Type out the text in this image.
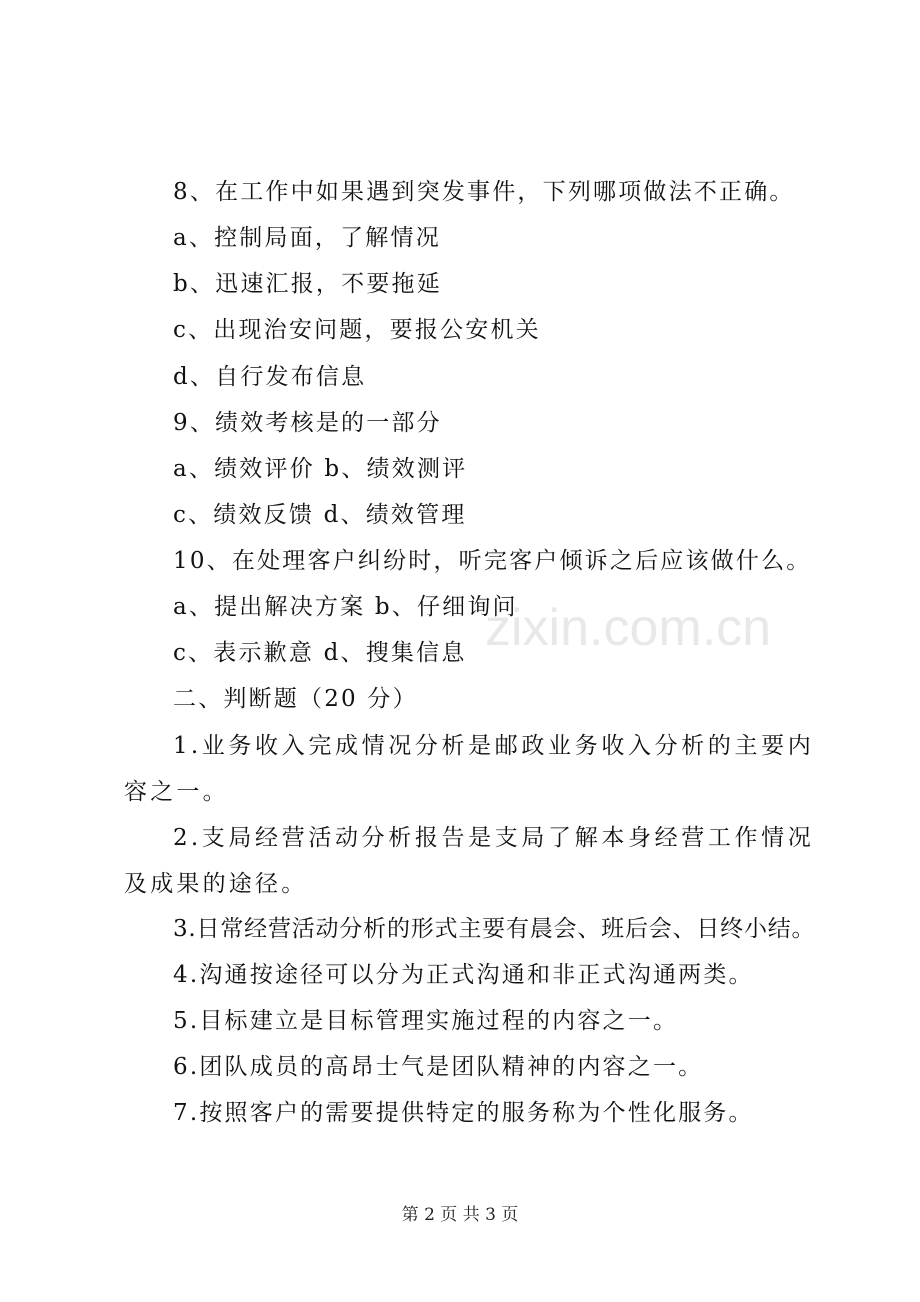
zixin.com.cn
8、在工作中如果遇到突发事件，下列哪项做法不正确。
a、控制局面，了解情况
b、迅速汇报，不要拖延
c、出现治安问题，要报公安机关
d、自行发布信息
9、绩效考核是的一部分
a、绩效评价 b、绩效测评
c、绩效反馈 d、绩效管理
10、在处理客户纠纷时，听完客户倾诉之后应该做什么。
a、提出解决方案 b、仔细询问
c、表示歉意 d、搜集信息
二、判断题（20 分）
1.业务收入完成情况分析是邮政业务收入分析的主要内容之一。
2.支局经营活动分析报告是支局了解本身经营工作情况及成果的途径。
3.日常经营活动分析的形式主要有晨会、班后会、日终小结。
4.沟通按途径可以分为正式沟通和非正式沟通两类。
5.目标建立是目标管理实施过程的内容之一。
6.团队成员的高昂士气是团队精神的内容之一。
7.按照客户的需要提供特定的服务称为个性化服务。
第 2 页 共 3 页
